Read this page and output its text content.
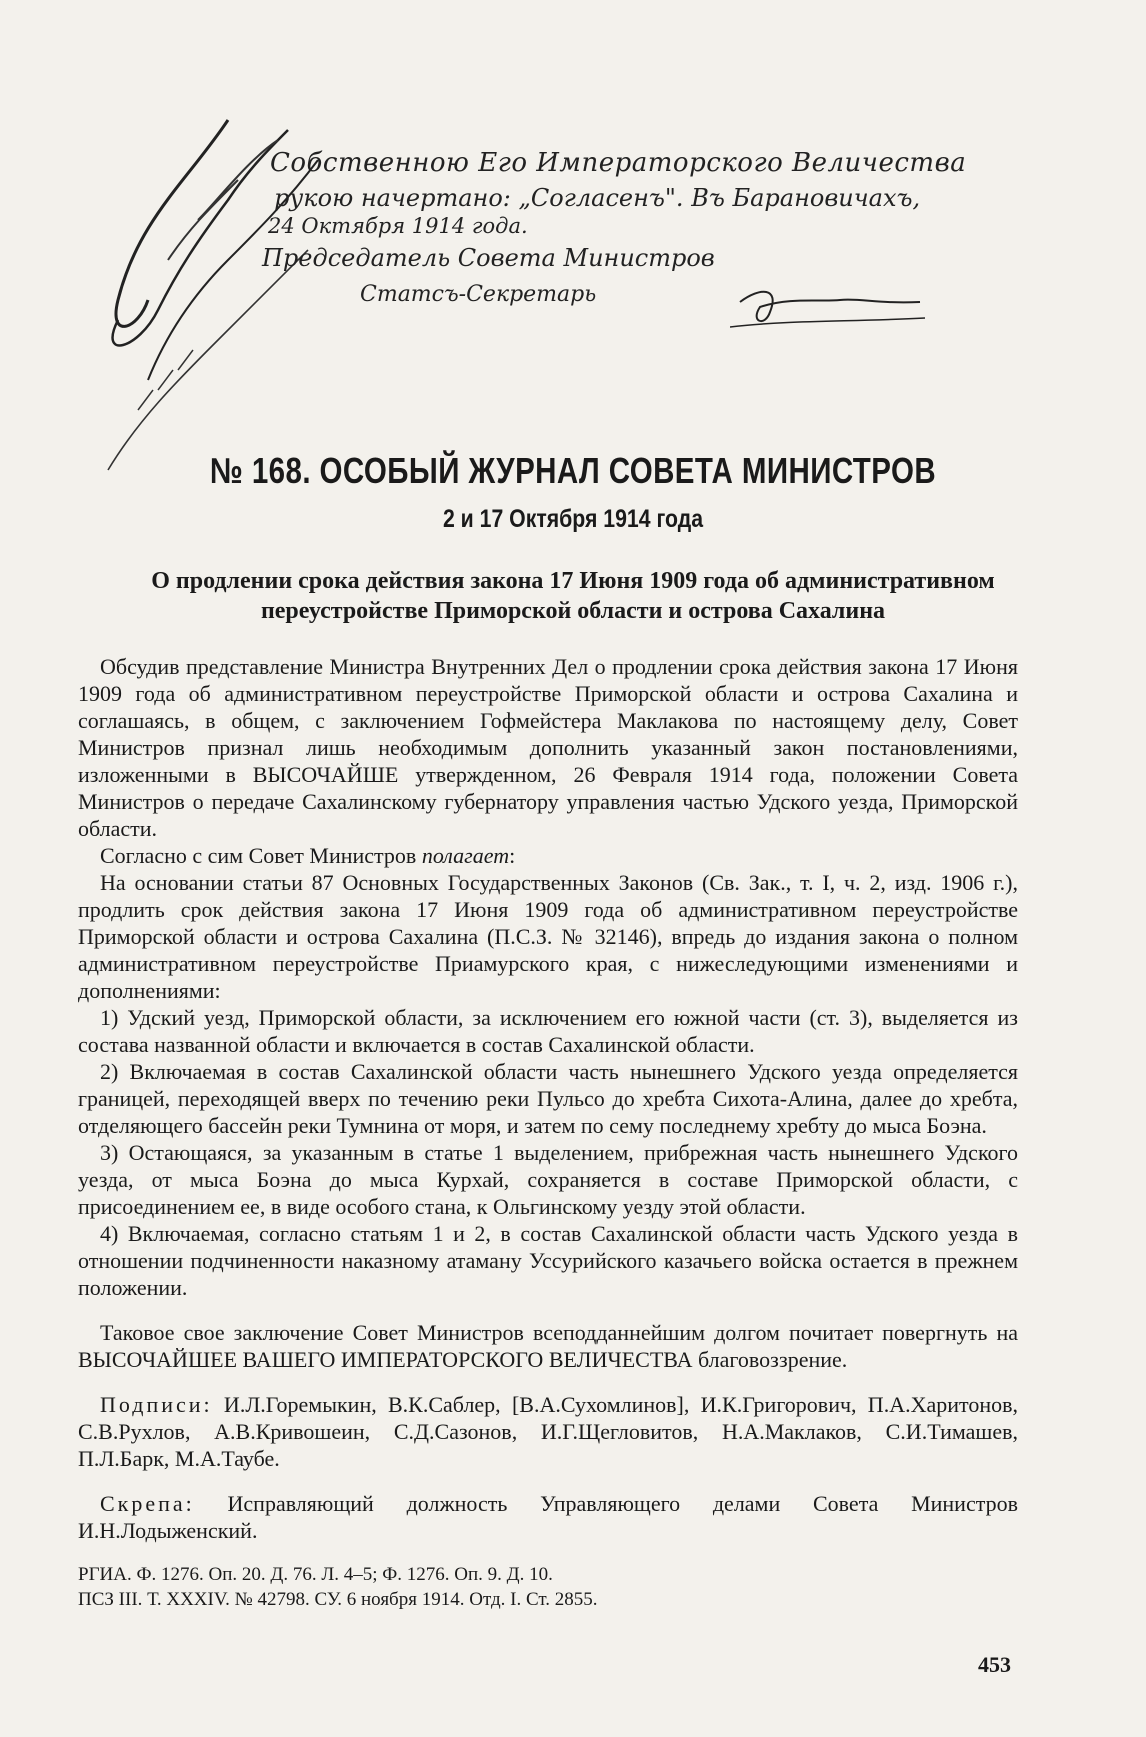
Собственною Его Императорского Величества
рукою начертано: „Согласенъ". Въ Барановичахъ,
24 Октября 1914 года.
Председатель Совета Министров
Статсъ-Секретарь
№ 168. ОСОБЫЙ ЖУРНАЛ СОВЕТА МИНИСТРОВ
2 и 17 Октября 1914 года
О продлении срока действия закона 17 Июня 1909 года об административном переустройстве Приморской области и острова Сахалина

Обсудив представление Министра Внутренних Дел о продлении срока действия закона 17 Июня 1909 года об административном переустройстве Приморской области и острова Сахалина и соглашаясь, в общем, с заключением Гофмейстера Маклакова по настоящему делу, Совет Министров признал лишь необходимым дополнить указанный закон постановлениями, изложенными в ВЫСОЧАЙШЕ утвержденном, 26 Февраля 1914 года, положении Совета Министров о передаче Сахалинскому губернатору управления частью Удского уезда, Приморской области.

Согласно с сим Совет Министров полагает:

На основании статьи 87 Основных Государственных Законов (Св. Зак., т. I, ч. 2, изд. 1906 г.), продлить срок действия закона 17 Июня 1909 года об административном переустройстве Приморской области и острова Сахалина (П.С.З. № 32146), впредь до издания закона о полном административном переустройстве Приамурского края, с нижеследующими изменениями и дополнениями:

1) Удский уезд, Приморской области, за исключением его южной части (ст. 3), выделяется из состава названной области и включается в состав Сахалинской области.

2) Включаемая в состав Сахалинской области часть нынешнего Удского уезда определяется границей, переходящей вверх по течению реки Пульсо до хребта Сихота-Алина, далее до хребта, отделяющего бассейн реки Тумнина от моря, и затем по сему последнему хребту до мыса Боэна.

3) Остающаяся, за указанным в статье 1 выделением, прибрежная часть нынешнего Удского уезда, от мыса Боэна до мыса Курхай, сохраняется в составе Приморской области, с присоединением ее, в виде особого стана, к Ольгинскому уезду этой области.

4) Включаемая, согласно статьям 1 и 2, в состав Сахалинской области часть Удского уезда в отношении подчиненности наказному атаману Уссурийского казачьего войска остается в прежнем положении.

Таковое свое заключение Совет Министров всеподданнейшим долгом почитает повергнуть на ВЫСОЧАЙШЕЕ ВАШЕГО ИМПЕРАТОРСКОГО ВЕЛИЧЕСТВА благовоззрение.

Подписи: И.Л.Горемыкин, В.К.Саблер, [В.А.Сухомлинов], И.К.Григорович, П.А.Харитонов, С.В.Рухлов, А.В.Кривошеин, С.Д.Сазонов, И.Г.Щегловитов, Н.А.Маклаков, С.И.Тимашев, П.Л.Барк, М.А.Таубе.

Скрепа: Исправляющий должность Управляющего делами Совета Министров И.Н.Лодыженский.

РГИА. Ф. 1276. Оп. 20. Д. 76. Л. 4–5; Ф. 1276. Оп. 9. Д. 10.

ПСЗ III. Т. XXXIV. № 42798. СУ. 6 ноября 1914. Отд. I. Ст. 2855.

453
